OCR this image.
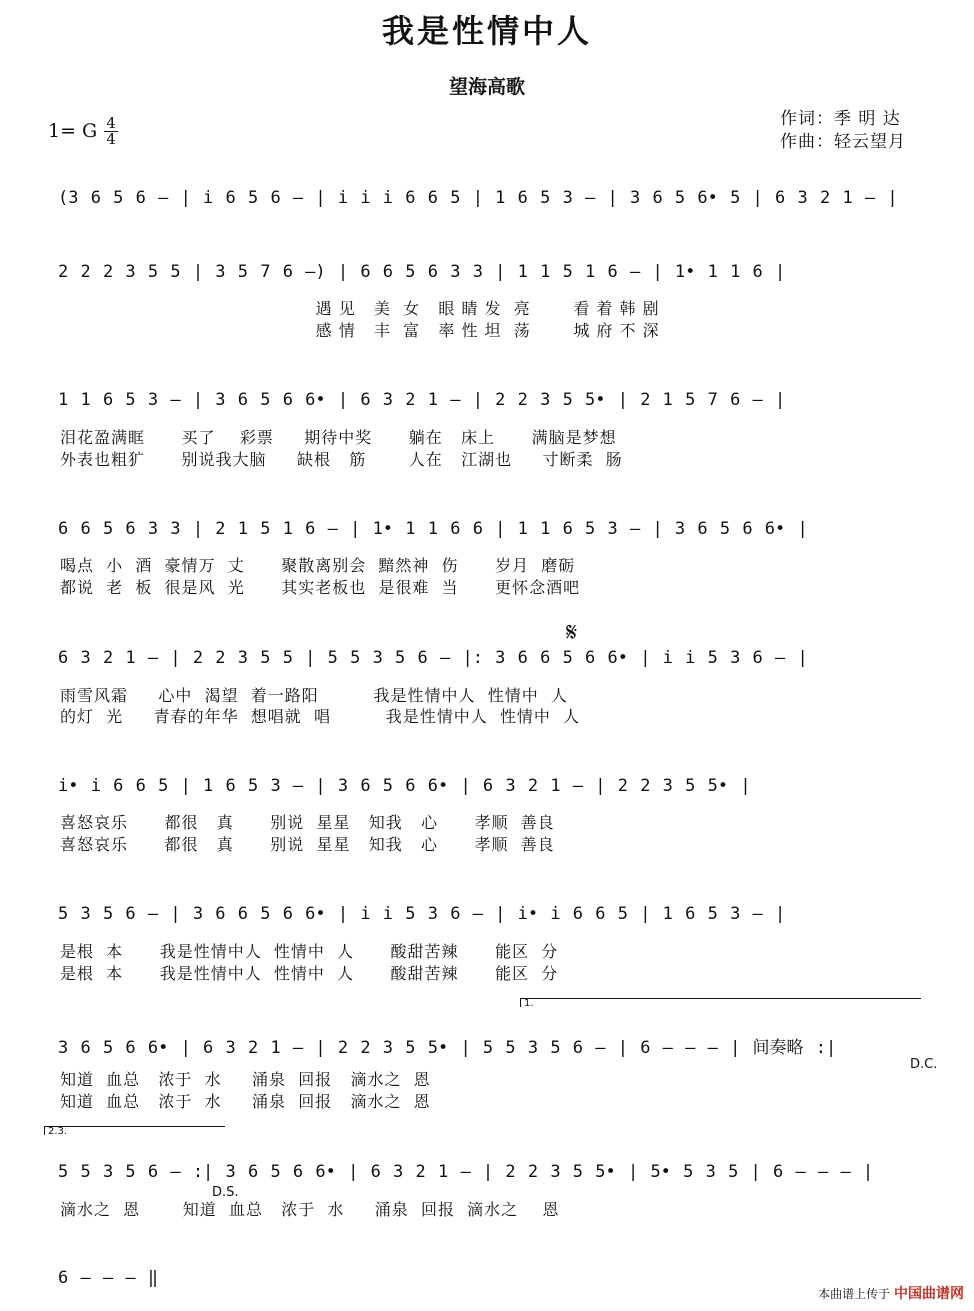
我是性情中人
望海高歌
作词：季 明 达
作曲：轻云望月
1= G $\frac{4}{4}$
(3 6 5 6 — | i 6 5 6 — | i i i 6 6 5 | 1 6 5 3 — | 3 6 5 6• 5 | 6 3 2 1 — |
2 2 2 3 5 5 | 3 5 7 6 —) | 6 6 5 6 3 3 | 1 1 5 1 6 — | 1• 1 1 6 |
遇 见   美  女   眼 睛 发  亮       看 着 韩 剧
感 情   丰  富   率 性 坦  荡       城 府 不 深
1 1 6 5 3 — | 3 6 5 6 6• | 6 3 2 1 — | 2 2 3 5 5• | 2 1 5 7 6 — |
泪花盈满眶      买了    彩票     期待中奖      躺在   床上      满脑是梦想
外表也粗犷      别说我大脑     缺根   筋       人在   江湖也     寸断柔  肠
6 6 5 6 3 3 | 2 1 5 1 6 — | 1• 1 1 6 6 | 1 1 6 5 3 — | 3 6 5 6 6• |
喝点  小  酒  豪情万  丈      聚散离别会  黯然神  伤      岁月  磨砺
都说  老  板  很是风  光      其实老板也  是很难  当      更怀念酒吧
𝄋
6 3 2 1 — | 2 2 3 5 5 | 5 5 3 5 6 — |: 3 6 6 5 6 6• | i i 5 3 6 — |
雨雪风霜     心中  渴望  着一路阳         我是性情中人  性情中  人
的灯  光     青春的年华  想唱就  唱         我是性情中人  性情中  人
i• i 6 6 5 | 1 6 5 3 — | 3 6 5 6 6• | 6 3 2 1 — | 2 2 3 5 5• |
喜怒哀乐      都很   真      别说  星星   知我   心      孝顺  善良
喜怒哀乐      都很   真      别说  星星   知我   心      孝顺  善良
5 3 5 6 — | 3 6 6 5 6 6• | i i 5 3 6 — | i• i 6 6 5 | 1 6 5 3 — |
是根  本      我是性情中人  性情中  人      酸甜苦辣      能区  分
是根  本      我是性情中人  性情中  人      酸甜苦辣      能区  分
1.
3 6 5 6 6• | 6 3 2 1 — | 2 2 3 5 5• | 5 5 3 5 6 — | 6 — — — | 间奏略 :|
D.C.
知道  血总   浓于  水     涌泉  回报   滴水之  恩
知道  血总   浓于  水     涌泉  回报   滴水之  恩
2.3.
5 5 3 5 6 — :| 3 6 5 6 6• | 6 3 2 1 — | 2 2 3 5 5• | 5• 5 3 5 | 6 — — — |
D.S.
滴水之  恩       知道  血总   浓于  水     涌泉  回报  滴水之    恩
6 — — — ‖
本曲谱上传于 中国曲谱网
